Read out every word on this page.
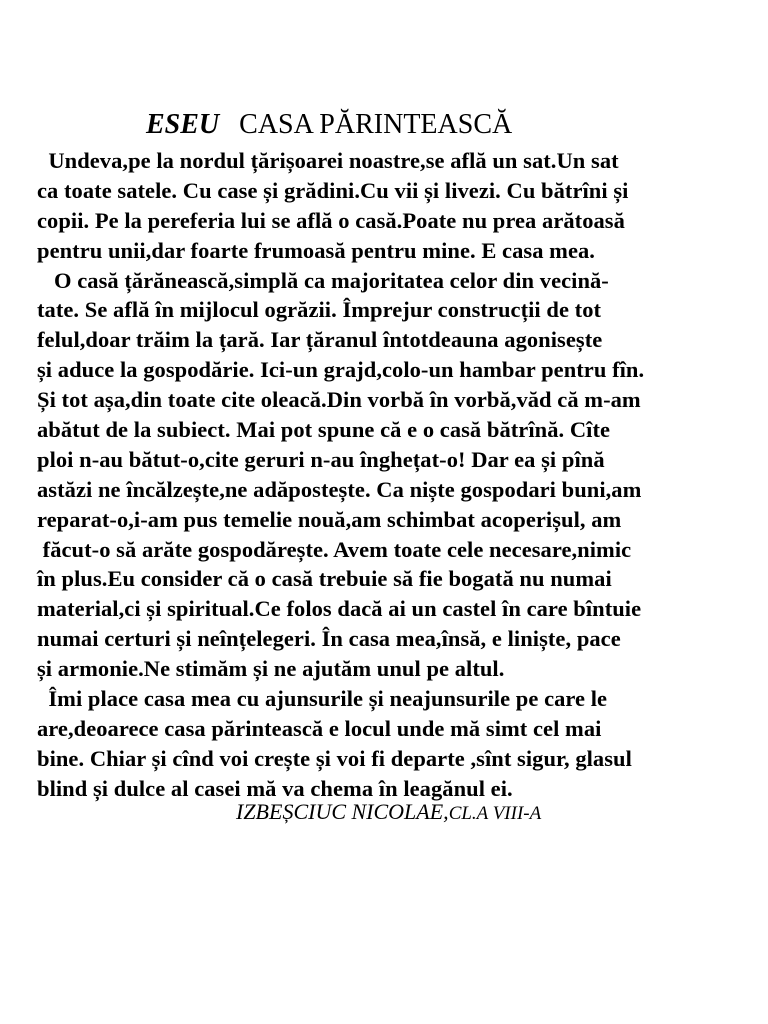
ESEU CASA PĂRINTEASCĂ
Undeva,pe la nordul țărișoarei noastre,se află un sat.Un sat
ca toate satele. Cu case și grădini.Cu vii și livezi. Cu bătrîni și
copii. Pe la pereferia lui se află o casă.Poate nu prea arătoasă
pentru unii,dar foarte frumoasă pentru mine. E casa mea.
O casă țărănească,simplă ca majoritatea celor din vecină-
tate. Se află în mijlocul ogrăzii. Împrejur construcții de tot
felul,doar trăim la țară. Iar țăranul întotdeauna agonisește
și aduce la gospodărie. Ici-un grajd,colo-un hambar pentru fîn.
Și tot așa,din toate cite oleacă.Din vorbă în vorbă,văd că m-am
abătut de la subiect. Mai pot spune că e o casă bătrînă. Cîte
ploi n-au bătut-o,cite geruri n-au înghețat-o! Dar ea și pînă
astăzi ne încălzește,ne adăpostește. Ca niște gospodari buni,am
reparat-o,i-am pus temelie nouă,am schimbat acoperișul, am
făcut-o să arăte gospodărește. Avem toate cele necesare,nimic
în plus.Eu consider că o casă trebuie să fie bogată nu numai
material,ci și spiritual.Ce folos dacă ai un castel în care bîntuie
numai certuri și neînțelegeri. În casa mea,însă, e liniște, pace
și armonie.Ne stimăm și ne ajutăm unul pe altul.
Îmi place casa mea cu ajunsurile și neajunsurile pe care le
are,deoarece casa părintească e locul unde mă simt cel mai
bine. Chiar și cînd voi crește și voi fi departe ,sînt sigur, glasul
blind și dulce al casei mă va chema în leagănul ei.
IZBEȘCIUC NICOLAE,CL.A VIII-A
